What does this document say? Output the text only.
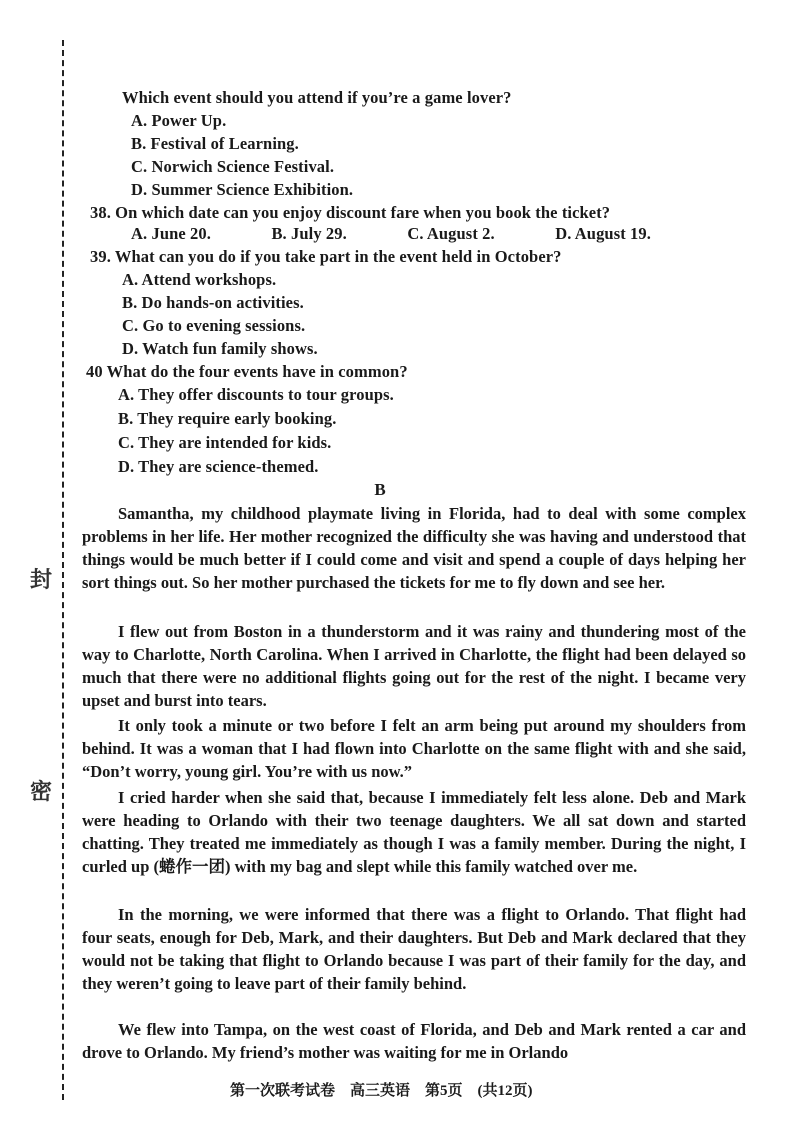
封
密
Which event should you attend if you’re a game lover?
A. Power Up.
B. Festival of Learning.
C. Norwich Science Festival.
D. Summer Science Exhibition.
38. On which date can you enjoy discount fare when you book the ticket?
A. June 20.	B. July 29.	C. August 2.	D. August 19.
39. What can you do if you take part in the event held in October?
A. Attend workshops.
B. Do hands-on activities.
C. Go to evening sessions.
D. Watch fun family shows.
40 What do the four events have in common?
A. They offer discounts to tour groups.
B. They require early booking.
C. They are intended for kids.
D. They are science-themed.
B
Samantha, my childhood playmate living in Florida, had to deal with some complex problems in her life. Her mother recognized the difficulty she was having and understood that things would be much better if I could come and visit and spend a couple of days helping her sort things out. So her mother purchased the tickets for me to fly down and see her.
I flew out from Boston in a thunderstorm and it was rainy and thundering most of the way to Charlotte, North Carolina. When I arrived in Charlotte, the flight had been delayed so much that there were no additional flights going out for the rest of the night. I became very upset and burst into tears.
It only took a minute or two before I felt an arm being put around my shoulders from behind. It was a woman that I had flown into Charlotte on the same flight with and she said, “Don’t worry, young girl. You’re with us now.”
I cried harder when she said that, because I immediately felt less alone. Deb and Mark were heading to Orlando with their two teenage daughters. We all sat down and started chatting. They treated me immediately as though I was a family member. During the night, I curled up (蜷作一团) with my bag and slept while this family watched over me.
In the morning, we were informed that there was a flight to Orlando. That flight had four seats, enough for Deb, Mark, and their daughters. But Deb and Mark declared that they would not be taking that flight to Orlando because I was part of their family for the day, and they weren’t going to leave part of their family behind.
We flew into Tampa, on the west coast of Florida, and Deb and Mark rented a car and drove to Orlando. My friend’s mother was waiting for me in Orlando
第一次联考试卷　高三英语　第5页　(共12页)
